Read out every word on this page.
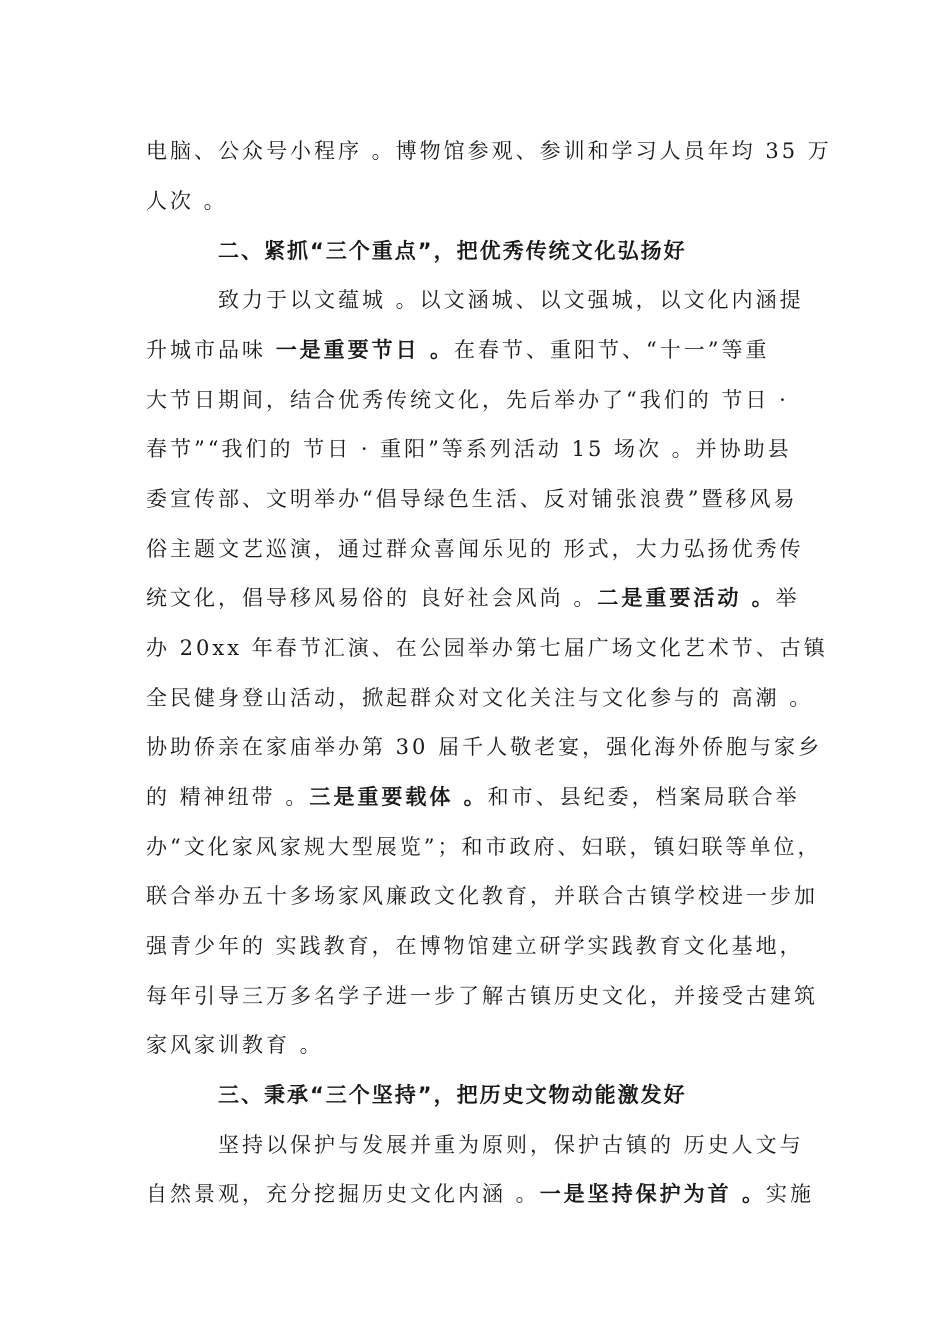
电脑、公众号小程序 。博物馆参观、参训和学习人员年均 35 万
人次 。
二、紧抓“三个重点”，把优秀传统文化弘扬好
致力于以文蕴城 。以文涵城、以文强城，以文化内涵提
升城市品味 一是重要节日 。在春节、重阳节、“十一”等重
大节日期间，结合优秀传统文化，先后举办了“我们的 节日 ·
春节”“我们的 节日 · 重阳”等系列活动 15 场次 。并协助县
委宣传部、文明举办“倡导绿色生活、反对铺张浪费”暨移风易
俗主题文艺巡演，通过群众喜闻乐见的 形式，大力弘扬优秀传
统文化，倡导移风易俗的 良好社会风尚 。二是重要活动 。举
办 20xx 年春节汇演、在公园举办第七届广场文化艺术节、古镇
全民健身登山活动，掀起群众对文化关注与文化参与的 高潮 。
协助侨亲在家庙举办第 30 届千人敬老宴，强化海外侨胞与家乡
的 精神纽带 。三是重要载体 。和市、县纪委，档案局联合举
办“文化家风家规大型展览”；和市政府、妇联，镇妇联等单位，
联合举办五十多场家风廉政文化教育，并联合古镇学校进一步加
强青少年的 实践教育，在博物馆建立研学实践教育文化基地，
每年引导三万多名学子进一步了解古镇历史文化，并接受古建筑
家风家训教育 。
三、秉承“三个坚持”，把历史文物动能激发好
坚持以保护与发展并重为原则，保护古镇的 历史人文与
自然景观，充分挖掘历史文化内涵 。一是坚持保护为首 。实施
